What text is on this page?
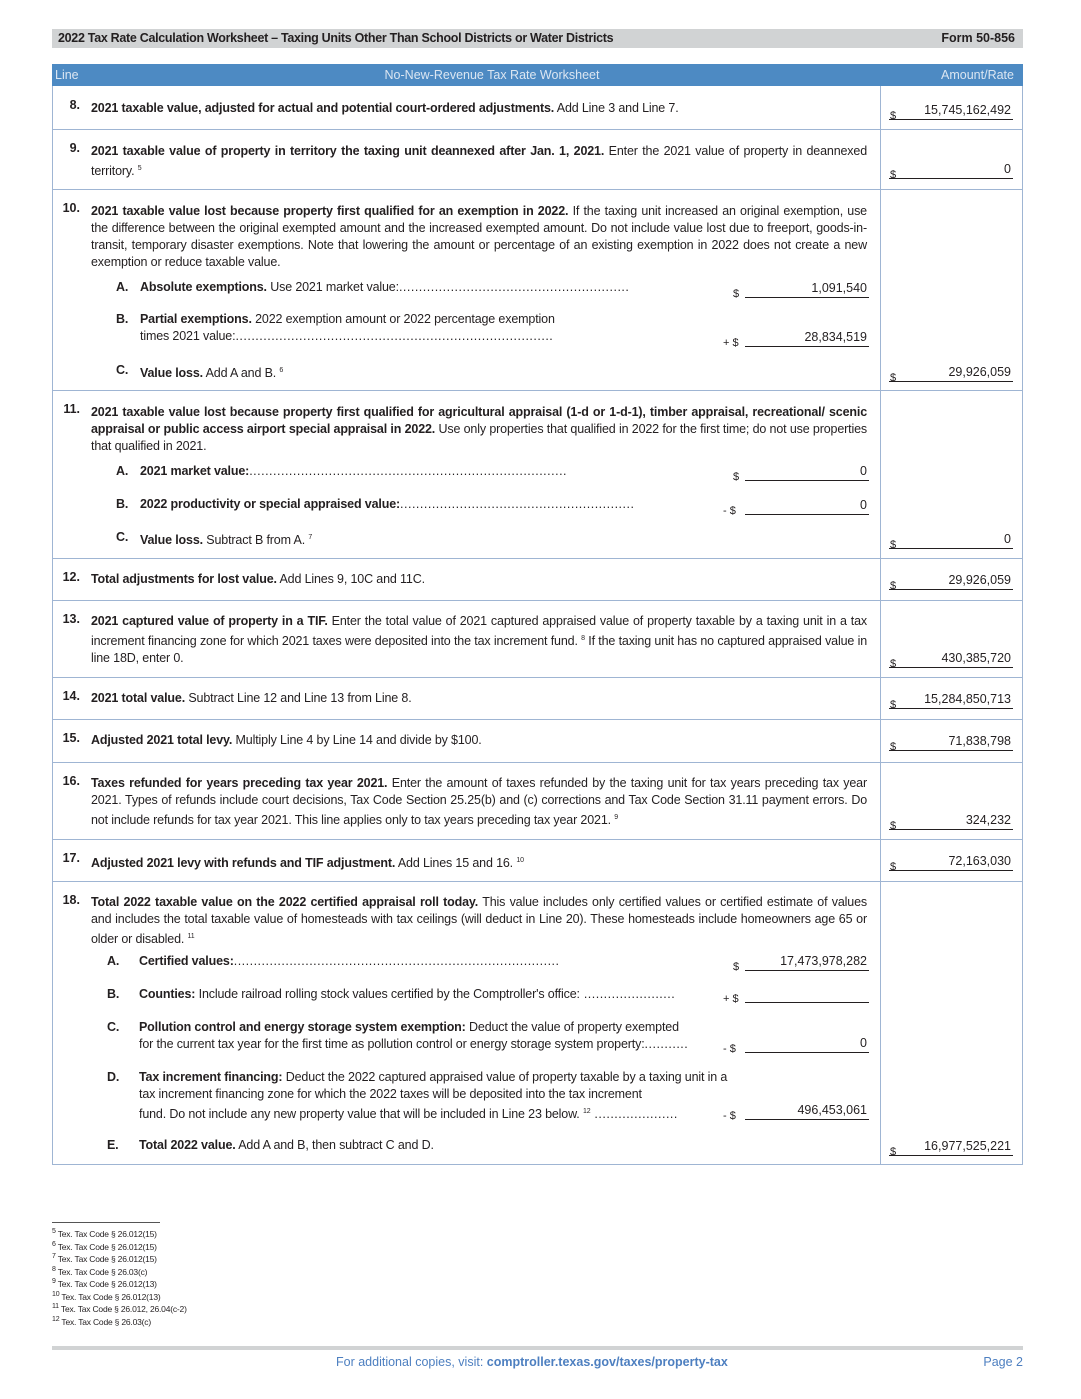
2022 Tax Rate Calculation Worksheet – Taxing Units Other Than School Districts or Water Districts	Form 50-856
Line	No-New-Revenue Tax Rate Worksheet	Amount/Rate
8. 2021 taxable value, adjusted for actual and potential court-ordered adjustments. Add Line 3 and Line 7.
$ 15,745,162,492
9. 2021 taxable value of property in territory the taxing unit deannexed after Jan. 1, 2021. Enter the 2021 value of property in deannexed territory. $^5$
$	0
10. 2021 taxable value lost because property first qualified for an exemption in 2022. If the taxing unit increased an original exemption, use the difference between the original exempted amount and the increased exempted amount. Do not include value lost due to freeport, goods-in-transit, temporary disaster exemptions. Note that lowering the amount or percentage of an existing exemption in 2022 does not create a new exemption or reduce taxable value.
A. Absolute exemptions. Use 2021 market value:..........................................................	$	1,091,540
B. Partial exemptions. 2022 exemption amount or 2022 percentage exemption
times 2021 value:................................................................................	+ $	28,834,519
C. Value loss. Add A and B. $^6$
$	29,926,059
11. 2021 taxable value lost because property first qualified for agricultural appraisal (1-d or 1-d-1), timber appraisal, recreational/ scenic appraisal or public access airport special appraisal in 2022. Use only properties that qualified in 2022 for the first time; do not use properties that qualified in 2021.
A. 2021 market value:................................................................................	$	0
B. 2022 productivity or special appraised value:...........................................................	- $	0
C. Value loss. Subtract B from A. $^7$
$	0
12. Total adjustments for lost value. Add Lines 9, 10C and 11C.	$	29,926,059
13. 2021 captured value of property in a TIF. Enter the total value of 2021 captured appraised value of property taxable by a taxing unit in a tax increment financing zone for which 2021 taxes were deposited into the tax increment fund. $^8$ If the taxing unit has no captured appraised value in line 18D, enter 0.	$	430,385,720
14. 2021 total value. Subtract Line 12 and Line 13 from Line 8.	$ 15,284,850,713
15. Adjusted 2021 total levy. Multiply Line 4 by Line 14 and divide by $100.	$	71,838,798
16. Taxes refunded for years preceding tax year 2021. Enter the amount of taxes refunded by the taxing unit for tax years preceding tax year 2021. Types of refunds include court decisions, Tax Code Section 25.25(b) and (c) corrections and Tax Code Section 31.11 payment errors. Do not include refunds for tax year 2021. This line applies only to tax years preceding tax year 2021. $^9$
$	324,232
17. Adjusted 2021 levy with refunds and TIF adjustment. Add Lines 15 and 16. $^{10}$
$	72,163,030
18. Total 2022 taxable value on the 2022 certified appraisal roll today. This value includes only certified values or certified estimate of values and includes the total taxable value of homesteads with tax ceilings (will deduct in Line 20). These homesteads include homeowners age 65 or older or disabled. $^{11}$
A. Certified values:..................................................................................	$	17,473,978,282
B. Counties: Include railroad rolling stock values certified by the Comptroller's office: .......................	+ $
C. Pollution control and energy storage system exemption: Deduct the value of property exempted
for the current tax year for the first time as pollution control or energy storage system property:...........	- $	0
D. Tax increment financing: Deduct the 2022 captured appraised value of property taxable by a taxing unit in a tax increment financing zone for which the 2022 taxes will be deposited into the tax increment
fund. Do not include any new property value that will be included in Line 23 below. $^{12}$ .....................	- $	496,453,061
E. Total 2022 value. Add A and B, then subtract C and D.	$ 16,977,525,221
$^5$ Tex. Tax Code § 26.012(15)
$^6$ Tex. Tax Code § 26.012(15)
$^7$ Tex. Tax Code § 26.012(15)
$^8$ Tex. Tax Code § 26.03(c)
$^9$ Tex. Tax Code § 26.012(13)
$^{10}$ Tex. Tax Code § 26.012(13)
$^{11}$ Tex. Tax Code § 26.012, 26.04(c-2)
$^{12}$ Tex. Tax Code § 26.03(c)
For additional copies, visit: comptroller.texas.gov/taxes/property-tax	Page 2
